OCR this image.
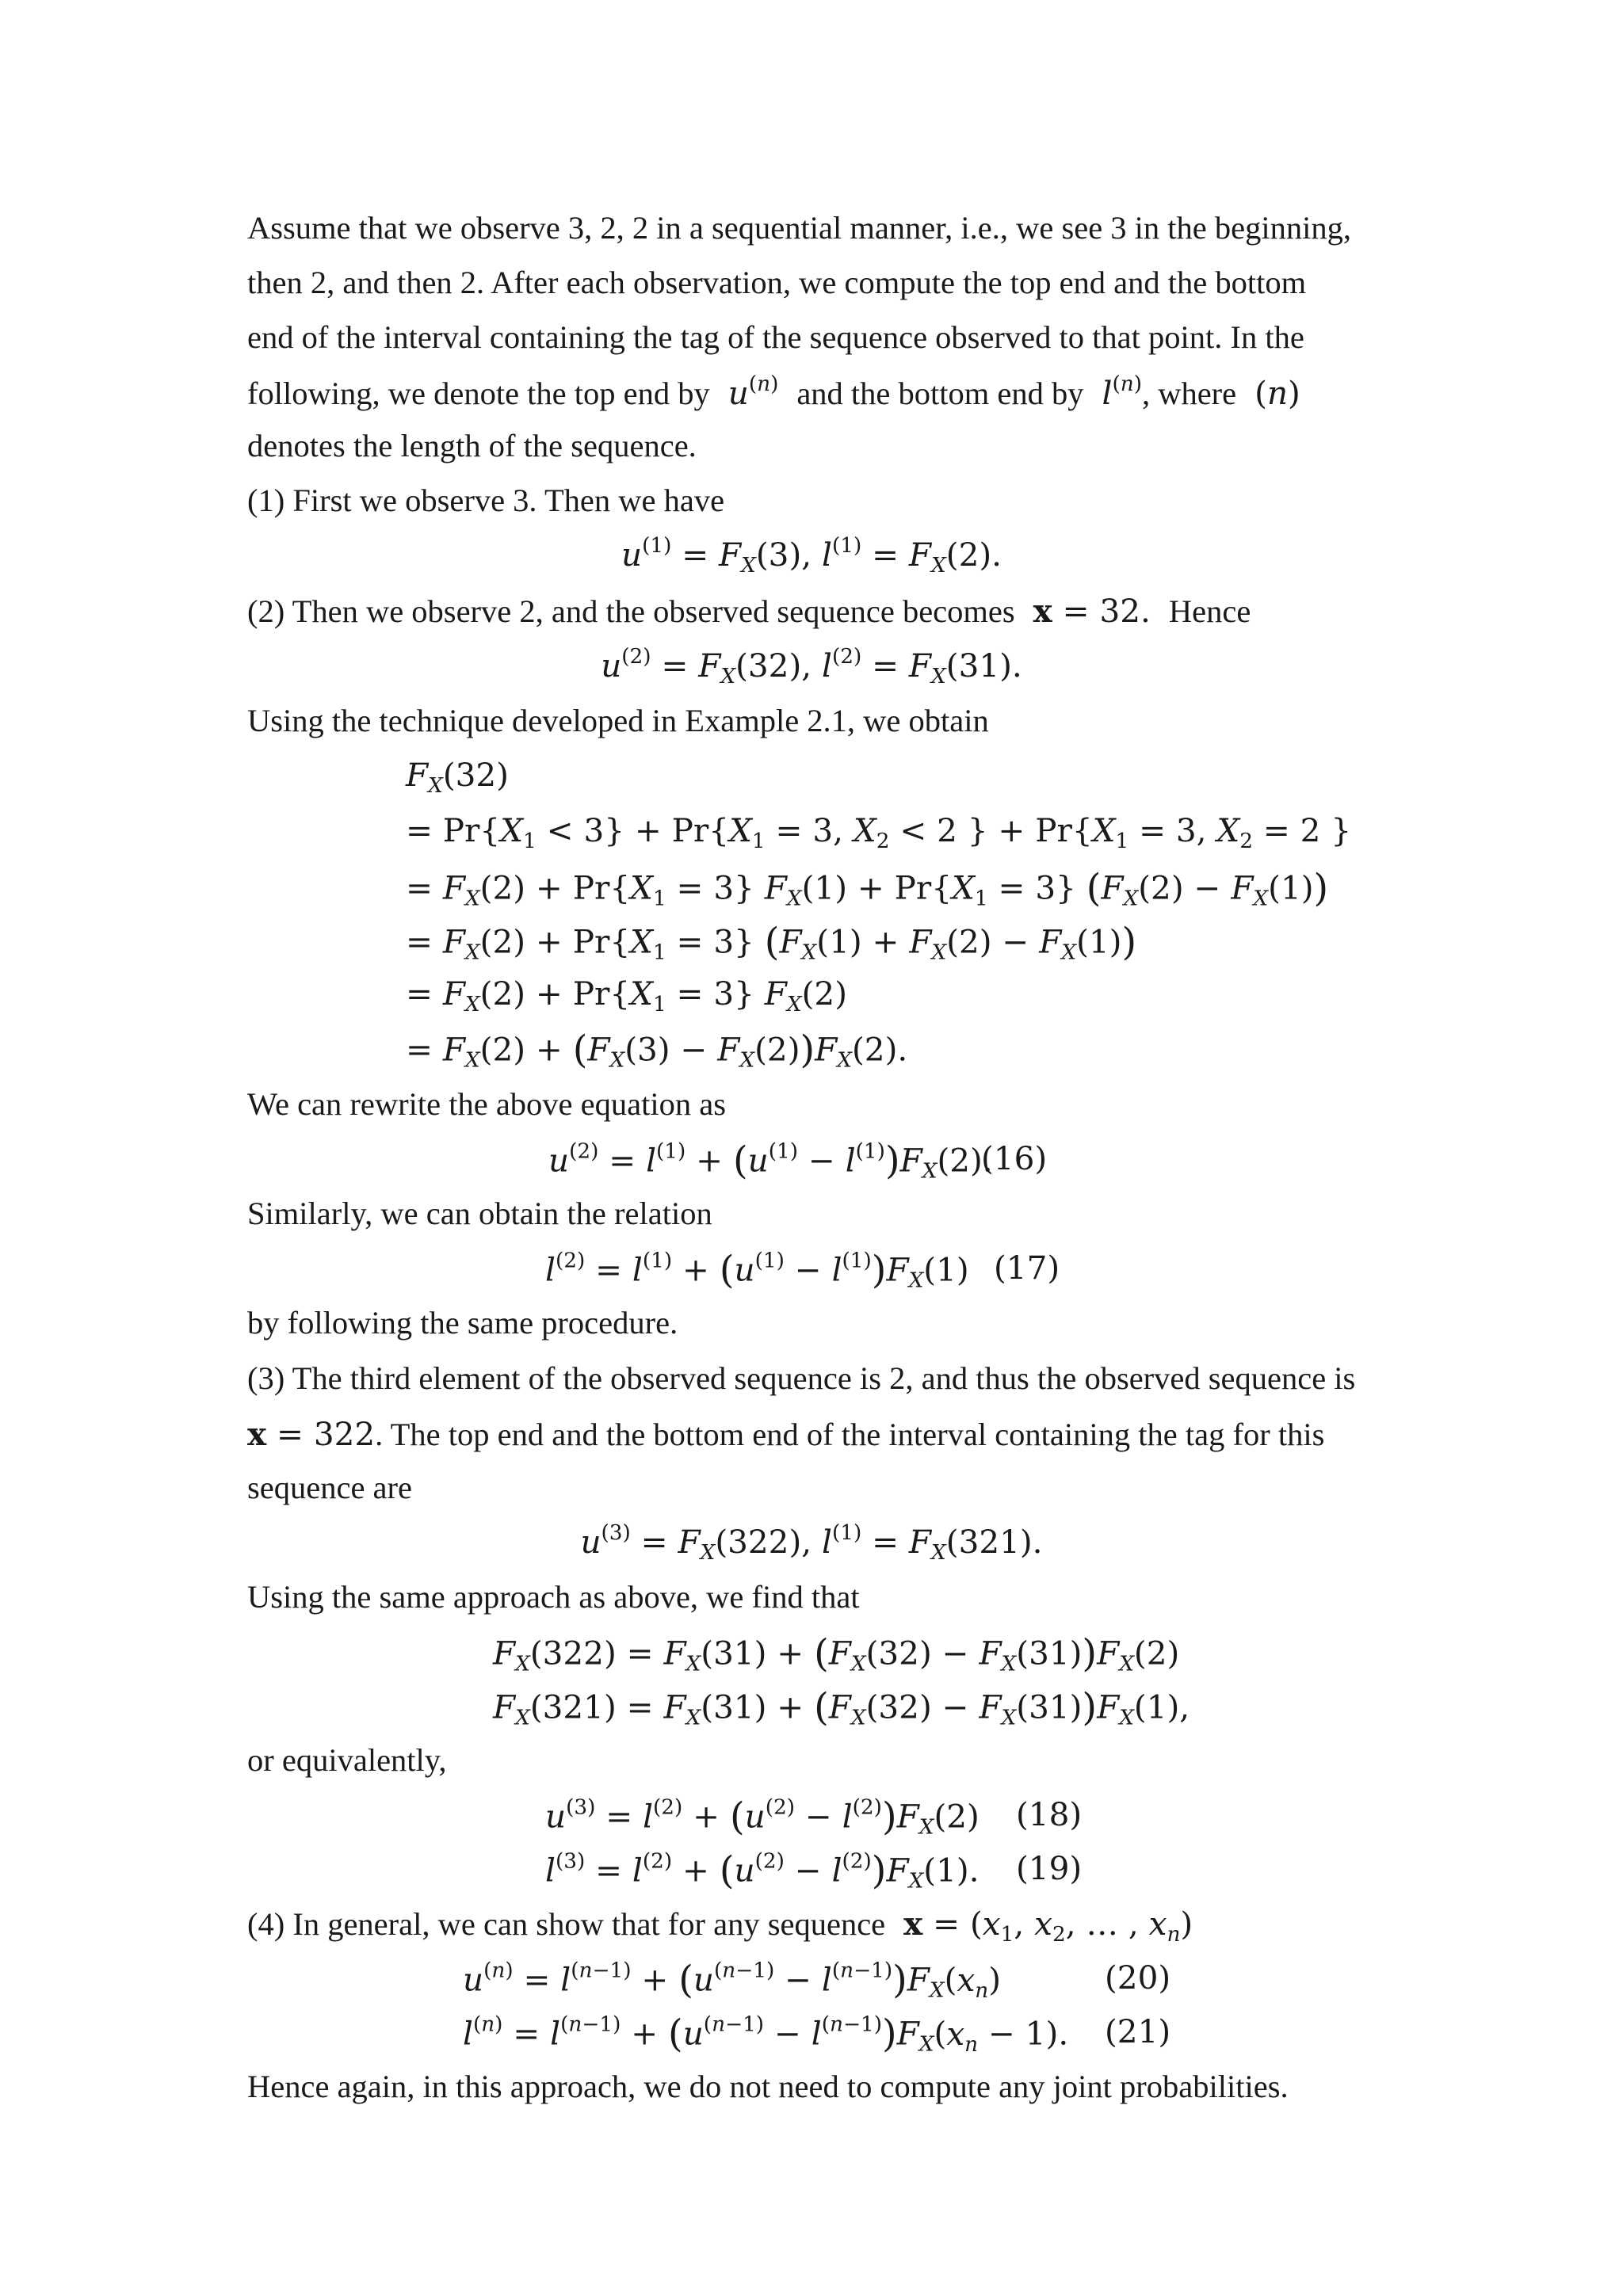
Assume that we observe 3, 2, 2 in a sequential manner, i.e., we see 3 in the beginning,
then 2, and then 2. After each observation, we compute the top end and the bottom
end of the interval containing the tag of the sequence observed to that point. In the
following, we denote the top end by $u^{(n)}$ and the bottom end by $l^{(n)}$, where  (n)
denotes the length of the sequence.
(1) First we observe 3. Then we have
$u^{(1)} = F_X(3)$, $l^{(1)} = F_X(2)$.
(2) Then we observe 2, and the observed sequence becomes x = 32.  Hence
$u^{(2)} = F_X(32)$, $l^{(2)} = F_X(31)$.
Using the technique developed in Example 2.1, we obtain
$F_X(32)$
= $Pr\{X_1 < 3\} + Pr\{X_1 = 3$, $X_2 < 2$ } + $Pr\{X_1 = 3$, $X_2 = 2$ }
= $F_X(2) + Pr\{X_1 = 3\} F_X(1) + Pr\{X_1 = 3\} (F_X(2) - F_X(1))$
= $F_X(2) + Pr\{X_1 = 3\} (F_X(1) + F_X(2) - F_X(1))$
= $F_X(2) + Pr\{X_1 = 3\}$ $F_X(2)$
= $F_X(2) + (F_X(3) - F_X(2))F_X(2)$.
We can rewrite the above equation as
$u^{(2)} = l^{(1)} + (u^{(1)} - l^{(1)})F_X(2)$.
(16)
Similarly, we can obtain the relation
$l^{(2)} = l^{(1)} + (u^{(1)} - l^{(1)})F_X(1)$ (17)
by following the same procedure.
(3) The third element of the observed sequence is 2, and thus the observed sequence is
x = 322. The top end and the bottom end of the interval containing the tag for this
sequence are
$u^{(3)} = F_X(322)$, $l^{(1)} = F_X(321)$.
Using the same approach as above, we find that
$F_X(322) = F_X(31) + (F_X(32) - F_X(31))F_X(2)$
$F_X(321) = F_X(31) + (F_X(32) - F_X(31))F_X(1)$,
or equivalently,
$u^{(3)} = l^{(2)} + (u^{(2)} - l^{(2)})F_X(2)$ (18)
$l^{(3)} = l^{(2)} + (u^{(2)} - l^{(2)})F_X(1)$. (19)
(4) In general, we can show that for any sequence $x = (x_1$, $x_2$, … , $x_n$)
$u^{(n)} = l^{(n-1)} + (u^{(n-1)} - l^{(n-1)})F_X(x_n)$	(20)
$l^{(n)} = l^{(n-1)} + (u^{(n-1)} - l^{(n-1)})F_X(x_n - 1)$. (21)
Hence again, in this approach, we do not need to compute any joint probabilities.
